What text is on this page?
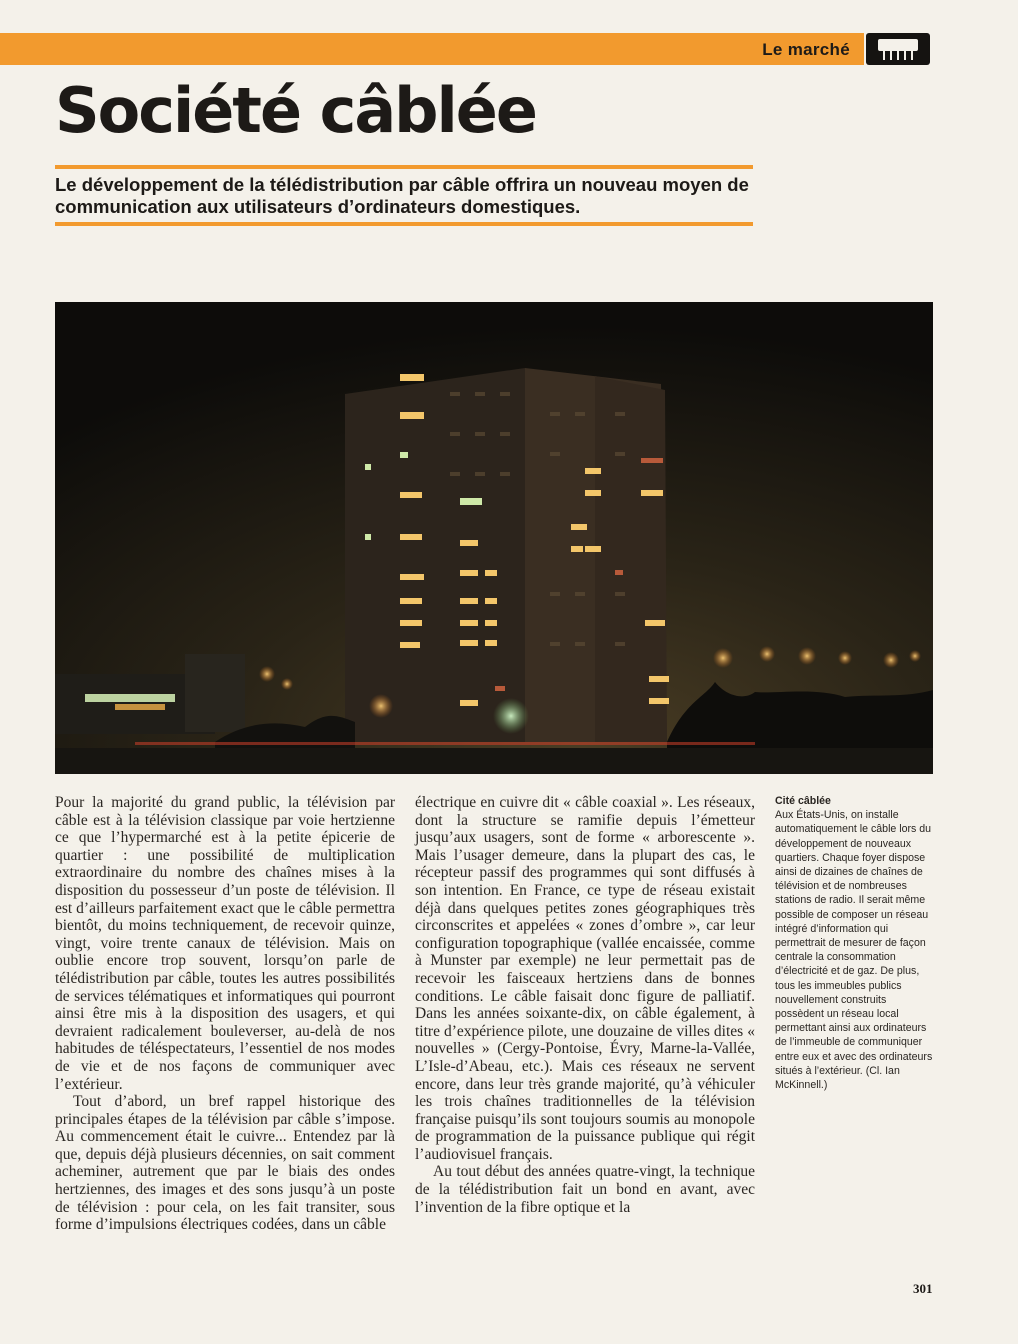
Le marché
Société câblée

Le développement de la télédistribution par câble offrira un nouveau moyen de communication aux utilisateurs d’ordinateurs domestiques.

Pour la majorité du grand public, la télévision par câble est à la télévision classique par voie hertzienne ce que l’hypermarché est à la petite épicerie de quartier : une possibilité de multiplication extraordinaire du nombre des chaînes mises à la disposition du possesseur d’un poste de télévision. Il est d’ailleurs parfaitement exact que le câble permettra bientôt, du moins techniquement, de recevoir quinze, vingt, voire trente canaux de télévision. Mais on oublie encore trop souvent, lorsqu’on parle de télédistribution par câble, toutes les autres possibilités de services télématiques et informatiques qui pourront ainsi être mis à la disposition des usagers, et qui devraient radicalement bouleverser, au-delà de nos habitudes de téléspectateurs, l’essentiel de nos modes de vie et de nos façons de communiquer avec l’extérieur.

Tout d’abord, un bref rappel historique des principales étapes de la télévision par câble s’impose. Au commencement était le cuivre... Entendez par là que, depuis déjà plusieurs décennies, on sait comment acheminer, autrement que par le biais des ondes hertziennes, des images et des sons jusqu’à un poste de télévision : pour cela, on les fait transiter, sous forme d’impulsions électriques codées, dans un câble

électrique en cuivre dit « câble coaxial ». Les réseaux, dont la structure se ramifie depuis l’émetteur jusqu’aux usagers, sont de forme « arborescente ». Mais l’usager demeure, dans la plupart des cas, le récepteur passif des programmes qui sont diffusés à son intention. En France, ce type de réseau existait déjà dans quelques petites zones géographiques très circonscrites et appelées « zones d’ombre », car leur configuration topographique (vallée encaissée, comme à Munster par exemple) ne leur permettait pas de recevoir les faisceaux hertziens dans de bonnes conditions. Le câble faisait donc figure de palliatif. Dans les années soixante-dix, on câble également, à titre d’expérience pilote, une douzaine de villes dites « nouvelles » (Cergy-Pontoise, Évry, Marne-la-Vallée, L’Isle-d’Abeau, etc.). Mais ces réseaux ne servent encore, dans leur très grande majorité, qu’à véhiculer les trois chaînes traditionnelles de la télévision française puisqu’ils sont toujours soumis au monopole de programmation de la puissance publique qui régit l’audiovisuel français.

Au tout début des années quatre-vingt, la technique de la télédistribution fait un bond en avant, avec l’invention de la fibre optique et la

Cité câblée
Aux États-Unis, on installe automatiquement le câble lors du développement de nouveaux quartiers. Chaque foyer dispose ainsi de dizaines de chaînes de télévision et de nombreuses stations de radio. Il serait même possible de composer un réseau intégré d’information qui permettrait de mesurer de façon centrale la consommation d’électricité et de gaz. De plus, tous les immeubles publics nouvellement construits possèdent un réseau local permettant ainsi aux ordinateurs de l’immeuble de communiquer entre eux et avec des ordinateurs situés à l’extérieur. (Cl. Ian McKinnell.)
301
